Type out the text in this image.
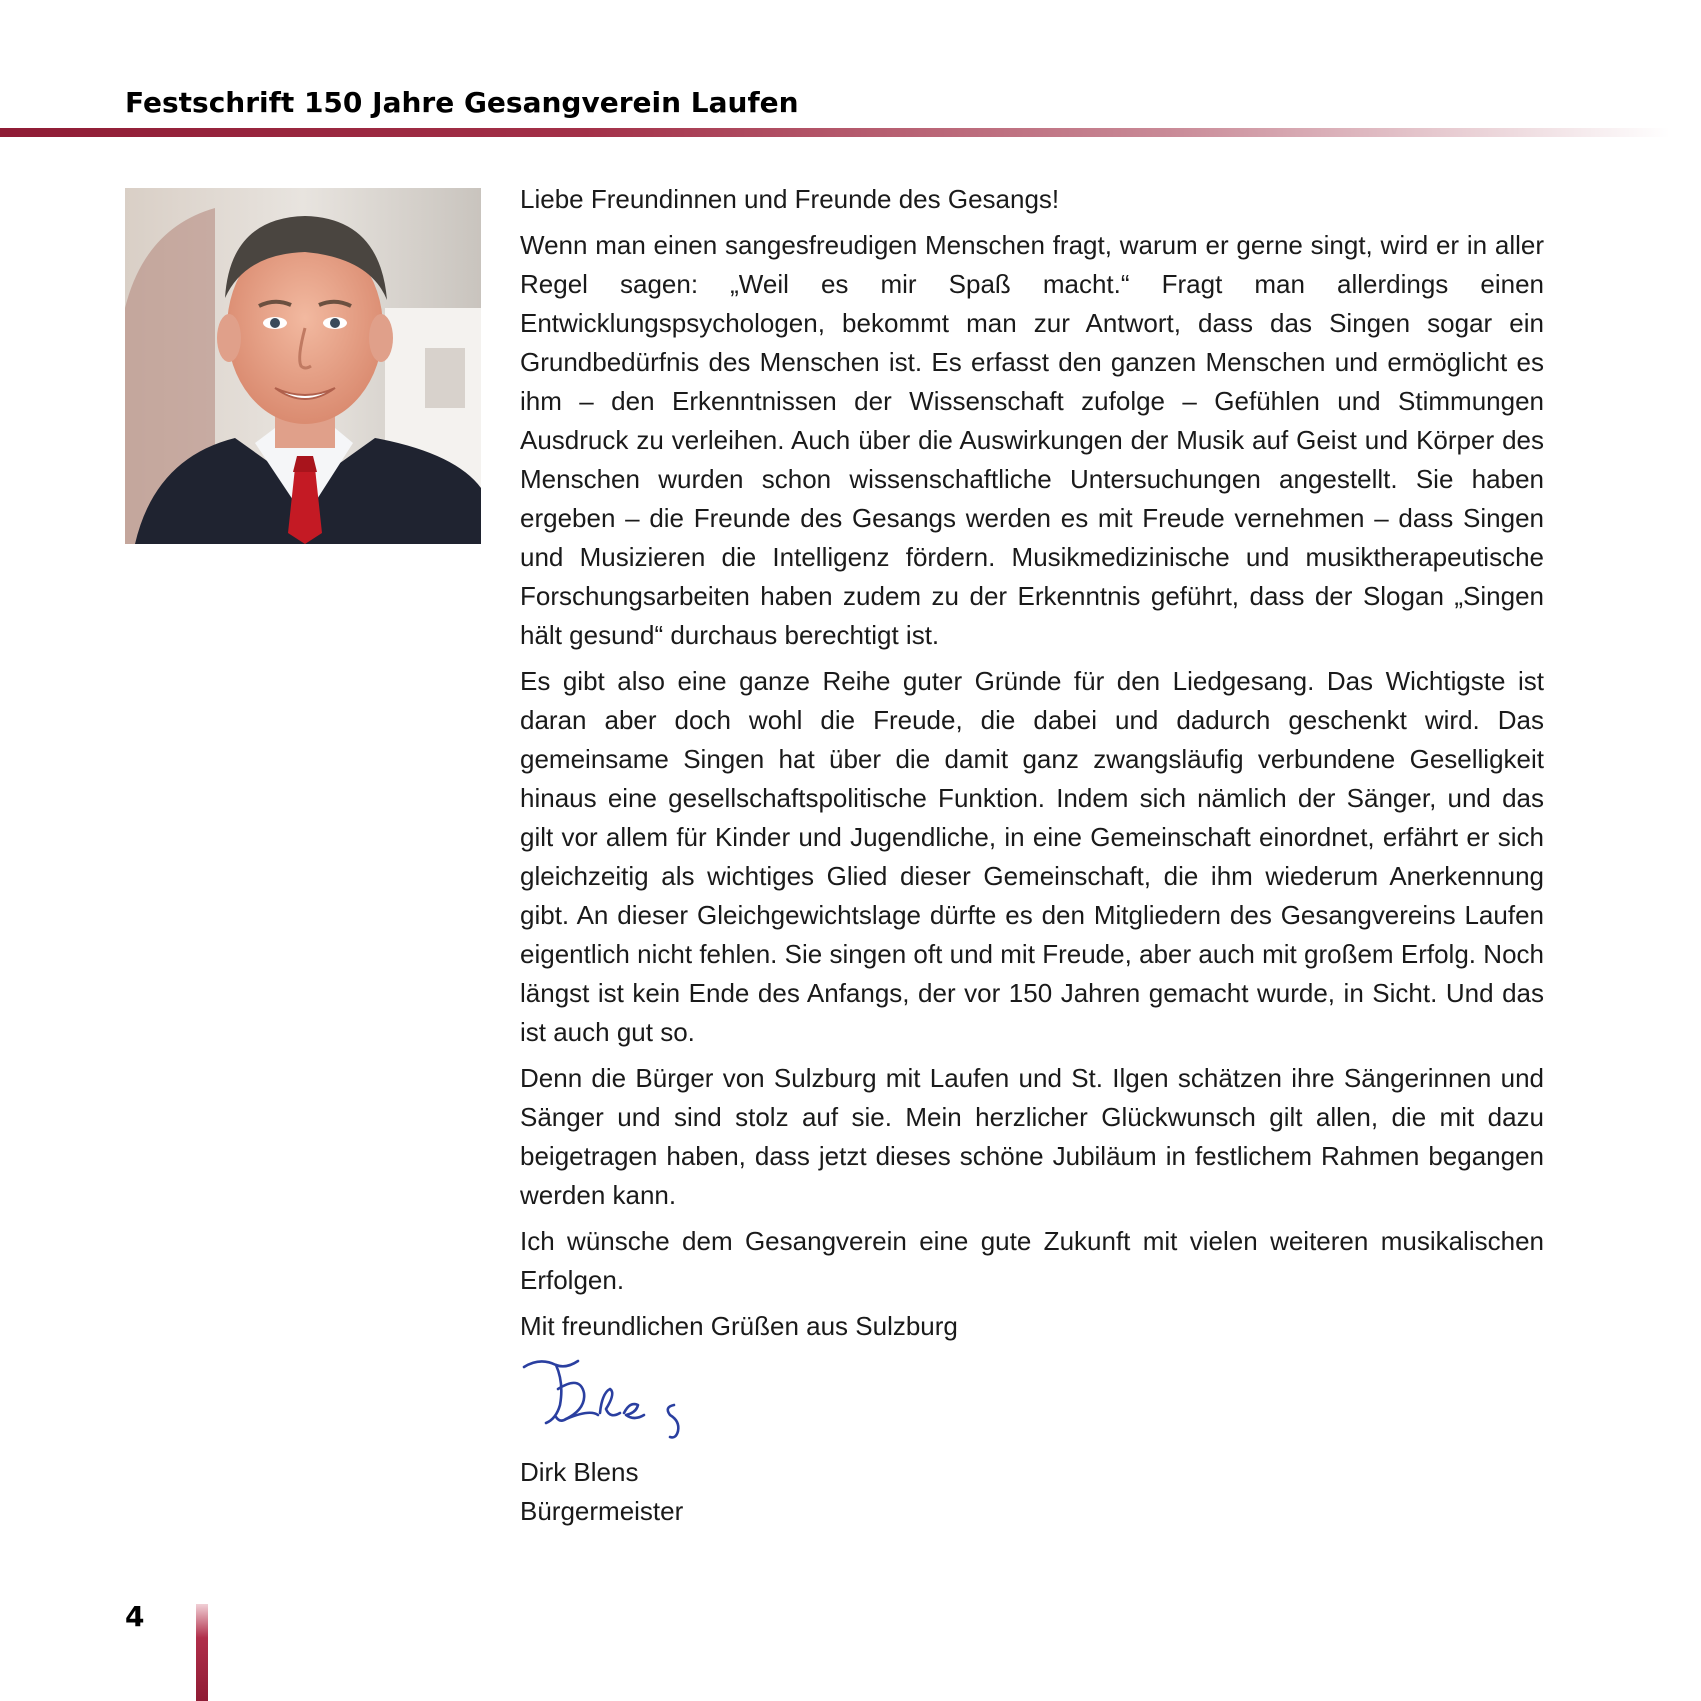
Festschrift 150 Jahre Gesangverein Laufen

Liebe Freundinnen und Freunde des Gesangs!

Wenn man einen sangesfreudigen Menschen fragt, warum er gerne singt, wird er in aller Regel sagen: „Weil es mir Spaß macht.“ Fragt man allerdings einen Entwicklungspsychologen, bekommt man zur Antwort, dass das Singen sogar ein Grundbedürfnis des Menschen ist. Es erfasst den ganzen Menschen und ermöglicht es ihm – den Erkenntnissen der Wissenschaft zufolge – Gefühlen und Stimmungen Ausdruck zu verleihen. Auch über die Auswirkungen der Musik auf Geist und Körper des Menschen wurden schon wissenschaftliche Untersuchungen angestellt. Sie haben ergeben – die Freunde des Gesangs werden es mit Freude vernehmen – dass Singen und Musizieren die Intelligenz fördern. Musikmedizinische und musiktherapeutische Forschungsarbeiten haben zudem zu der Erkenntnis geführt, dass der Slogan „Singen hält gesund“ durchaus berechtigt ist.

Es gibt also eine ganze Reihe guter Gründe für den Liedgesang. Das Wichtigste ist daran aber doch wohl die Freude, die dabei und dadurch geschenkt wird. Das gemeinsame Singen hat über die damit ganz zwangsläufig verbundene Geselligkeit hinaus eine gesellschaftspolitische Funktion. Indem sich nämlich der Sänger, und das gilt vor allem für Kinder und Jugendliche, in eine Gemeinschaft einordnet, erfährt er sich gleichzeitig als wichtiges Glied dieser Gemeinschaft, die ihm wiederum Anerkennung gibt. An dieser Gleichgewichtslage dürfte es den Mitgliedern des Gesangvereins Laufen eigentlich nicht fehlen. Sie singen oft und mit Freude, aber auch mit großem Erfolg. Noch längst ist kein Ende des Anfangs, der vor 150 Jahren gemacht wurde, in Sicht. Und das ist auch gut so.

Denn die Bürger von Sulzburg mit Laufen und St. Ilgen schätzen ihre Sängerinnen und Sänger und sind stolz auf sie. Mein herzlicher Glückwunsch gilt allen, die mit dazu beigetragen haben, dass jetzt dieses schöne Jubiläum in festlichem Rahmen begangen werden kann.

Ich wünsche dem Gesangverein eine gute Zukunft mit vielen weiteren musikalischen Erfolgen.

Mit freundlichen Grüßen aus Sulzburg

Dirk Blens

Bürgermeister

4
